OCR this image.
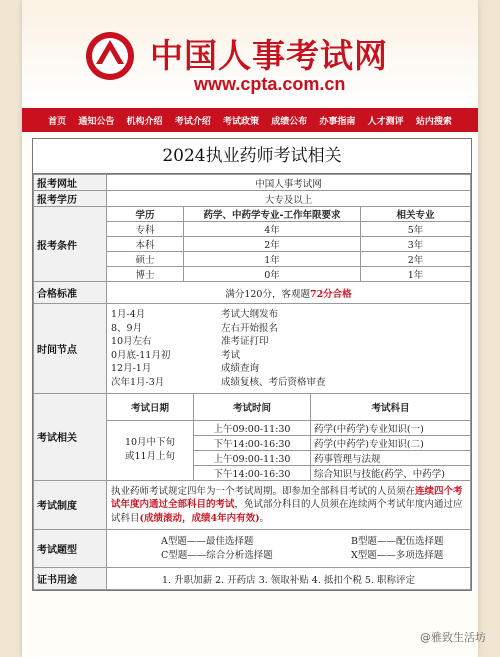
中国人事考试网
www.cpta.com.cn
首页 通知公告 机构介绍 考试介绍 考试政策 成绩公布 办事指南 人才测评 站内搜索
2024执业药师考试相关
报考网址	中国人事考试网
报考学历	大专及以上
报考条件	
学历	药学、中药学专业-工作年限要求	相关专业
专科	4年	5年
本科	2年	3年
硕士	1年	2年
博士	0年	1年

合格标准	满分120分，客观题72分合格
时间节点	
1月-4月	考试大纲发布
8、9月	左右开始报名
10月左右	准考证打印
0月底-11月初	考试
12月-1月	成绩查询
次年1月-3月	成绩复核、考后资格审查

考试相关	
考试日期	考试时间	考试科目
10月中下旬
或11月上旬	上午09:00-11:30	药学(中药学)专业知识(一)
下午14:00-16:30	药学(中药学)专业知识(二)
上午09:00-11:30	药事管理与法规
下午14:00-16:30	综合知识与技能(药学、中药学)

考试制度	执业药师考试规定四年为一个考试周期。即参加全部科目考试的人员须在连续四个考试年度内通过全部科目的考试，免试部分科目的人员须在连续两个考试年度内通过应试科目(成绩滚动，成绩4年内有效)。
考试题型	
A型题——最佳选择题	B型题——配伍选择题
C型题——综合分析选择题	X型题——多项选择题

证书用途	1. 升职加薪 2. 开药店 3. 领取补贴 4. 抵扣个税 5. 职称评定
@雅致生活坊
